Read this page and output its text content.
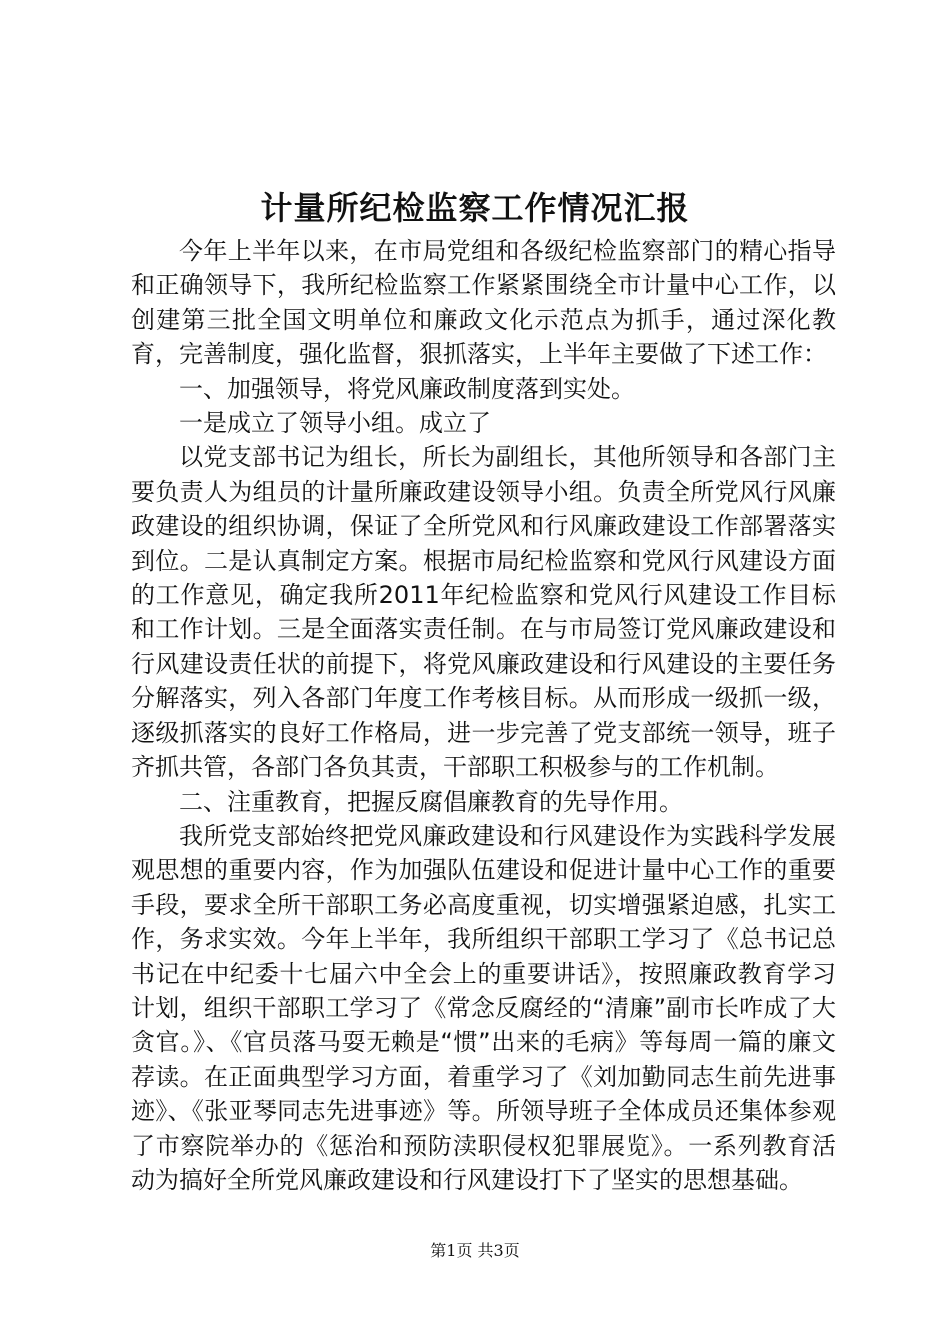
计量所纪检监察工作情况汇报

今年上半年以来，在市局党组和各级纪检监察部门的精心指导和正确领导下，我所纪检监察工作紧紧围绕全市计量中心工作，以创建第三批全国文明单位和廉政文化示范点为抓手，通过深化教育，完善制度，强化监督，狠抓落实，上半年主要做了下述工作：

一、加强领导，将党风廉政制度落到实处。

一是成立了领导小组。成立了

以党支部书记为组长，所长为副组长，其他所领导和各部门主要负责人为组员的计量所廉政建设领导小组。负责全所党风行风廉政建设的组织协调，保证了全所党风和行风廉政建设工作部署落实到位。二是认真制定方案。根据市局纪检监察和党风行风建设方面的工作意见，确定我所2011年纪检监察和党风行风建设工作目标和工作计划。三是全面落实责任制。在与市局签订党风廉政建设和行风建设责任状的前提下，将党风廉政建设和行风建设的主要任务分解落实，列入各部门年度工作考核目标。从而形成一级抓一级，逐级抓落实的良好工作格局，进一步完善了党支部统一领导，班子齐抓共管，各部门各负其责，干部职工积极参与的工作机制。

二、注重教育，把握反腐倡廉教育的先导作用。

我所党支部始终把党风廉政建设和行风建设作为实践科学发展观思想的重要内容，作为加强队伍建设和促进计量中心工作的重要手段，要求全所干部职工务必高度重视，切实增强紧迫感，扎实工作，务求实效。今年上半年，我所组织干部职工学习了《总书记总书记在中纪委十七届六中全会上的重要讲话》，按照廉政教育学习计划，组织干部职工学习了《常念反腐经的“清廉”副市长咋成了大贪官。》、《官员落马耍无赖是“惯”出来的毛病》等每周一篇的廉文荐读。在正面典型学习方面，着重学习了《刘加勤同志生前先进事迹》、《张亚琴同志先进事迹》等。所领导班子全体成员还集体参观了市察院举办的《惩治和预防渎职侵权犯罪展览》。一系列教育活动为搞好全所党风廉政建设和行风建设打下了坚实的思想基础。

第1页 共3页
